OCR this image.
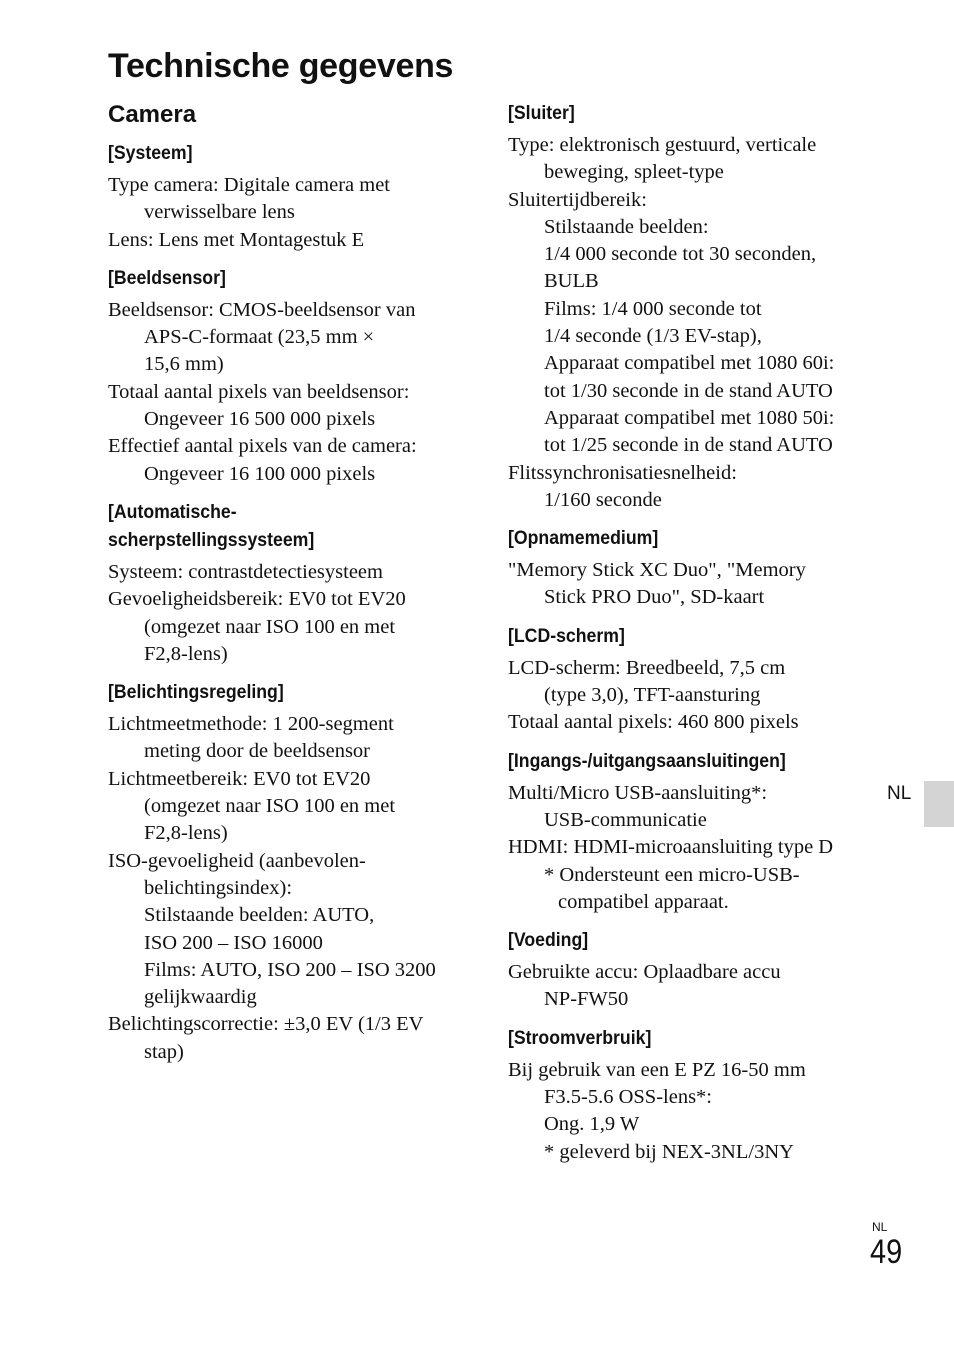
Technische gegevens
Camera
[Systeem]
Type camera: Digitale camera met
verwisselbare lens
Lens: Lens met Montagestuk E
[Beeldsensor]
Beeldsensor: CMOS-beeldsensor van
APS-C-formaat (23,5 mm ×
15,6 mm)
Totaal aantal pixels van beeldsensor:
Ongeveer 16 500 000 pixels
Effectief aantal pixels van de camera:
Ongeveer 16 100 000 pixels
[Automatische-
scherpstellingssysteem]
Systeem: contrastdetectiesysteem
Gevoeligheidsbereik: EV0 tot EV20
(omgezet naar ISO 100 en met
F2,8-lens)
[Belichtingsregeling]
Lichtmeetmethode: 1 200-segment
meting door de beeldsensor
Lichtmeetbereik: EV0 tot EV20
(omgezet naar ISO 100 en met
F2,8-lens)
ISO-gevoeligheid (aanbevolen-
belichtingsindex):
Stilstaande beelden: AUTO,
ISO 200 – ISO 16000
Films: AUTO, ISO 200 – ISO 3200
gelijkwaardig
Belichtingscorrectie: ±3,0 EV (1/3 EV
stap)
[Sluiter]
Type: elektronisch gestuurd, verticale
beweging, spleet-type
Sluitertijdbereik:
Stilstaande beelden:
1/4 000 seconde tot 30 seconden,
BULB
Films: 1/4 000 seconde tot
1/4 seconde (1/3 EV-stap),
Apparaat compatibel met 1080 60i:
tot 1/30 seconde in de stand AUTO
Apparaat compatibel met 1080 50i:
tot 1/25 seconde in de stand AUTO
Flitssynchronisatiesnelheid:
1/160 seconde
[Opnamemedium]
"Memory Stick XC Duo", "Memory
Stick PRO Duo", SD-kaart
[LCD-scherm]
LCD-scherm: Breedbeeld, 7,5 cm
(type 3,0), TFT-aansturing
Totaal aantal pixels: 460 800 pixels
[Ingangs-/uitgangsaansluitingen]
Multi/Micro USB-aansluiting*:
USB-communicatie
HDMI: HDMI-microaansluiting type D
* Ondersteunt een micro-USB-
compatibel apparaat.
[Voeding]
Gebruikte accu: Oplaadbare accu
NP-FW50
[Stroomverbruik]
Bij gebruik van een E PZ 16-50 mm
F3.5-5.6 OSS-lens*:
Ong. 1,9 W
* geleverd bij NEX-3NL/3NY
NL
NL
49
